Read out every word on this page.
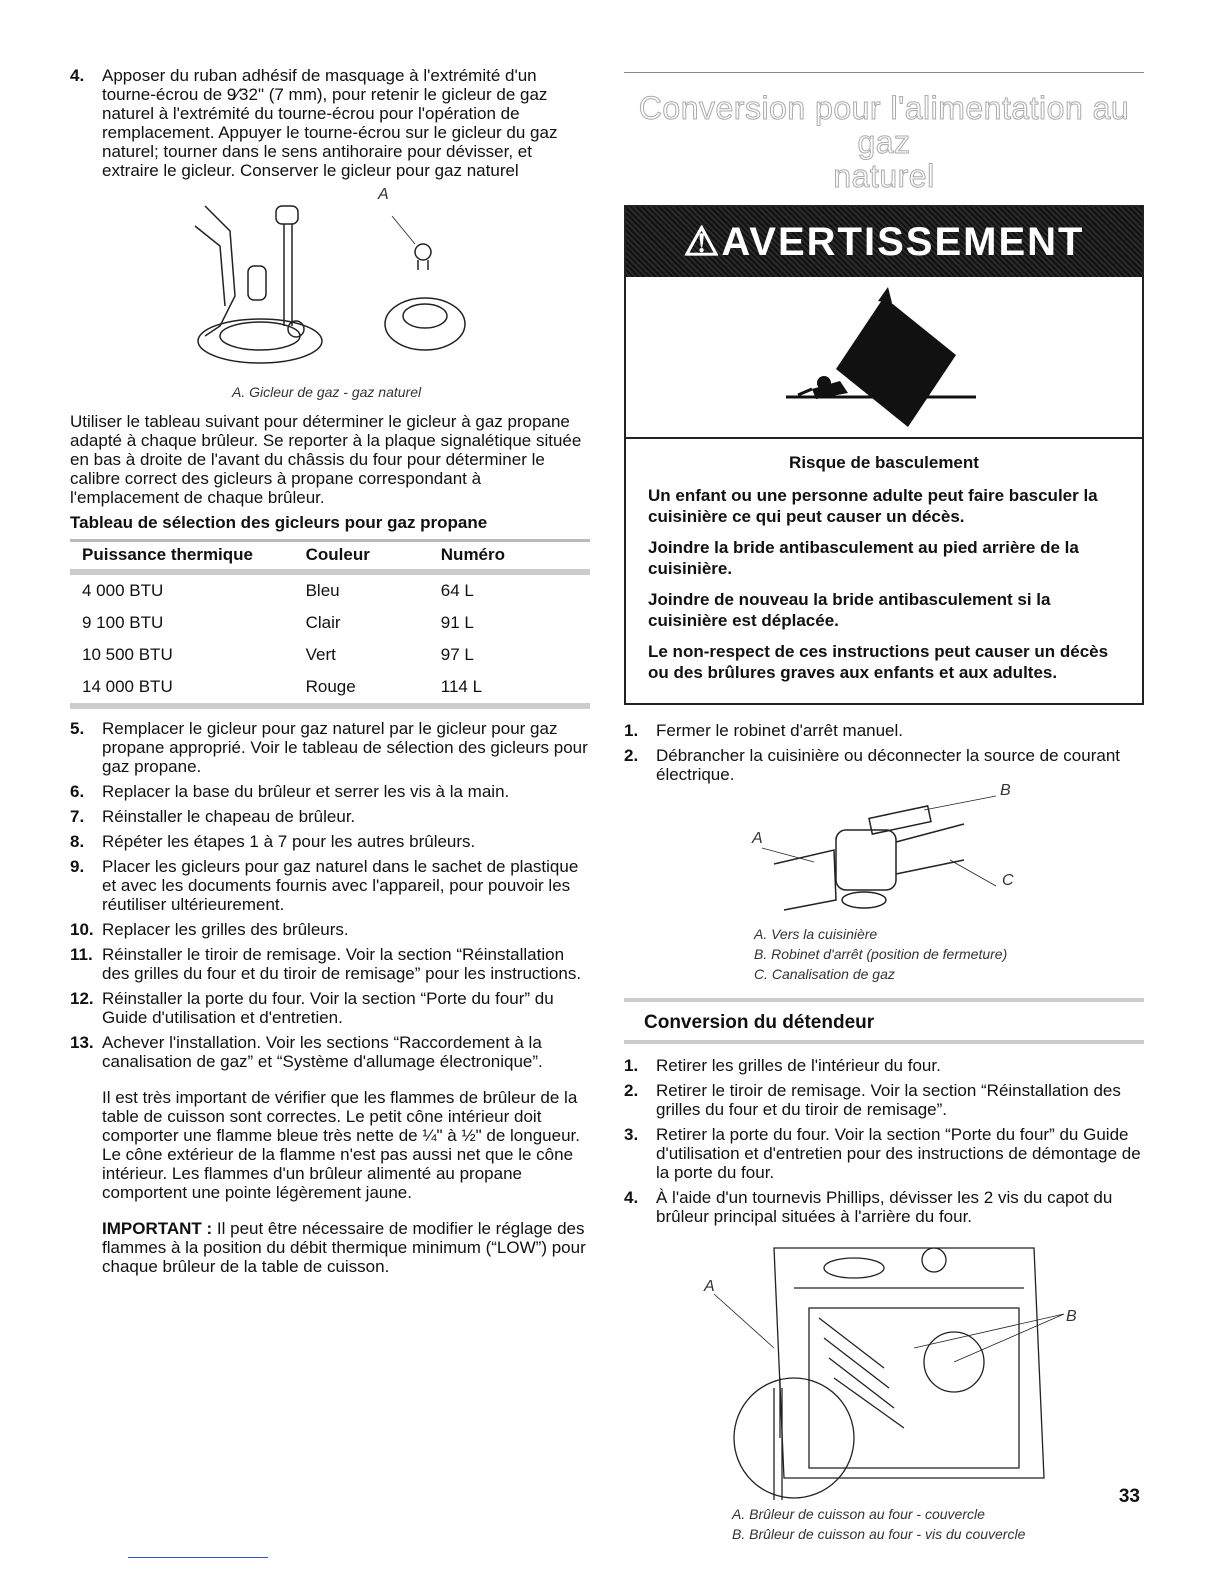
4.	Apposer du ruban adhésif de masquage à l'extrémité d'un tourne-écrou de 9⁄32" (7 mm), pour retenir le gicleur de gaz naturel à l'extrémité du tourne-écrou pour l'opération de remplacement. Appuyer le tourne-écrou sur le gicleur du gaz naturel; tourner dans le sens antihoraire pour dévisser, et extraire le gicleur. Conserver le gicleur pour gaz naturel
A
A. Gicleur de gaz - gaz naturel

Utiliser le tableau suivant pour déterminer le gicleur à gaz propane adapté à chaque brûleur. Se reporter à la plaque signalétique située en bas à droite de l'avant du châssis du four pour déterminer le calibre correct des gicleurs à propane correspondant à l'emplacement de chaque brûleur.

Tableau de sélection des gicleurs pour gaz propane
Puissance thermique	Couleur	Numéro
4 000 BTU	Bleu	64 L
9 100 BTU	Clair	91 L
10 500 BTU	Vert	97 L
14 000 BTU	Rouge	114 L
5.	Remplacer le gicleur pour gaz naturel par le gicleur pour gaz propane approprié. Voir le tableau de sélection des gicleurs pour gaz propane.
6.	Replacer la base du brûleur et serrer les vis à la main.
7.	Réinstaller le chapeau de brûleur.
8.	Répéter les étapes 1 à 7 pour les autres brûleurs.
9.	Placer les gicleurs pour gaz naturel dans le sachet de plastique et avec les documents fournis avec l'appareil, pour pouvoir les réutiliser ultérieurement.
10. Replacer les grilles des brûleurs.
11. Réinstaller le tiroir de remisage. Voir la section “Réinstallation des grilles du four et du tiroir de remisage” pour les instructions.
12. Réinstaller la porte du four. Voir la section “Porte du four” du Guide d'utilisation et d'entretien.
13. Achever l'installation. Voir les sections “Raccordement à la canalisation de gaz” et “Système d'allumage électronique”.

Il est très important de vérifier que les flammes de brûleur de la table de cuisson sont correctes. Le petit cône intérieur doit comporter une flamme bleue très nette de ¼" à ½" de longueur. Le cône extérieur de la flamme n'est pas aussi net que le cône intérieur. Les flammes d'un brûleur alimenté au propane comportent une pointe légèrement jaune.

IMPORTANT : Il peut être nécessaire de modifier le réglage des flammes à la position du débit thermique minimum (“LOW”) pour chaque brûleur de la table de cuisson.

Conversion pour l'alimentation au gaz
naturel
⚠AVERTISSEMENT
Risque de basculement

Un enfant ou une personne adulte peut faire basculer la cuisinière ce qui peut causer un décès.

Joindre la bride antibasculement au pied arrière de la cuisinière.

Joindre de nouveau la bride antibasculement si la cuisinière est déplacée.

Le non-respect de ces instructions peut causer un décès ou des brûlures graves aux enfants et aux adultes.

1.	Fermer le robinet d'arrêt manuel.
2.	Débrancher la cuisinière ou déconnecter la source de courant électrique.
A
B
C
A. Vers la cuisinière
B. Robinet d'arrêt (position de fermeture)
C. Canalisation de gaz
Conversion du détendeur
1.	Retirer les grilles de l'intérieur du four.
2.	Retirer le tiroir de remisage. Voir la section “Réinstallation des grilles du four et du tiroir de remisage”.
3.	Retirer la porte du four. Voir la section “Porte du four” du Guide d'utilisation et d'entretien pour des instructions de démontage de la porte du four.
4.	À l'aide d'un tournevis Phillips, dévisser les 2 vis du capot du brûleur principal situées à l'arrière du four.
A
B
A. Brûleur de cuisson au four - couvercle
B. Brûleur de cuisson au four - vis du couvercle
33
